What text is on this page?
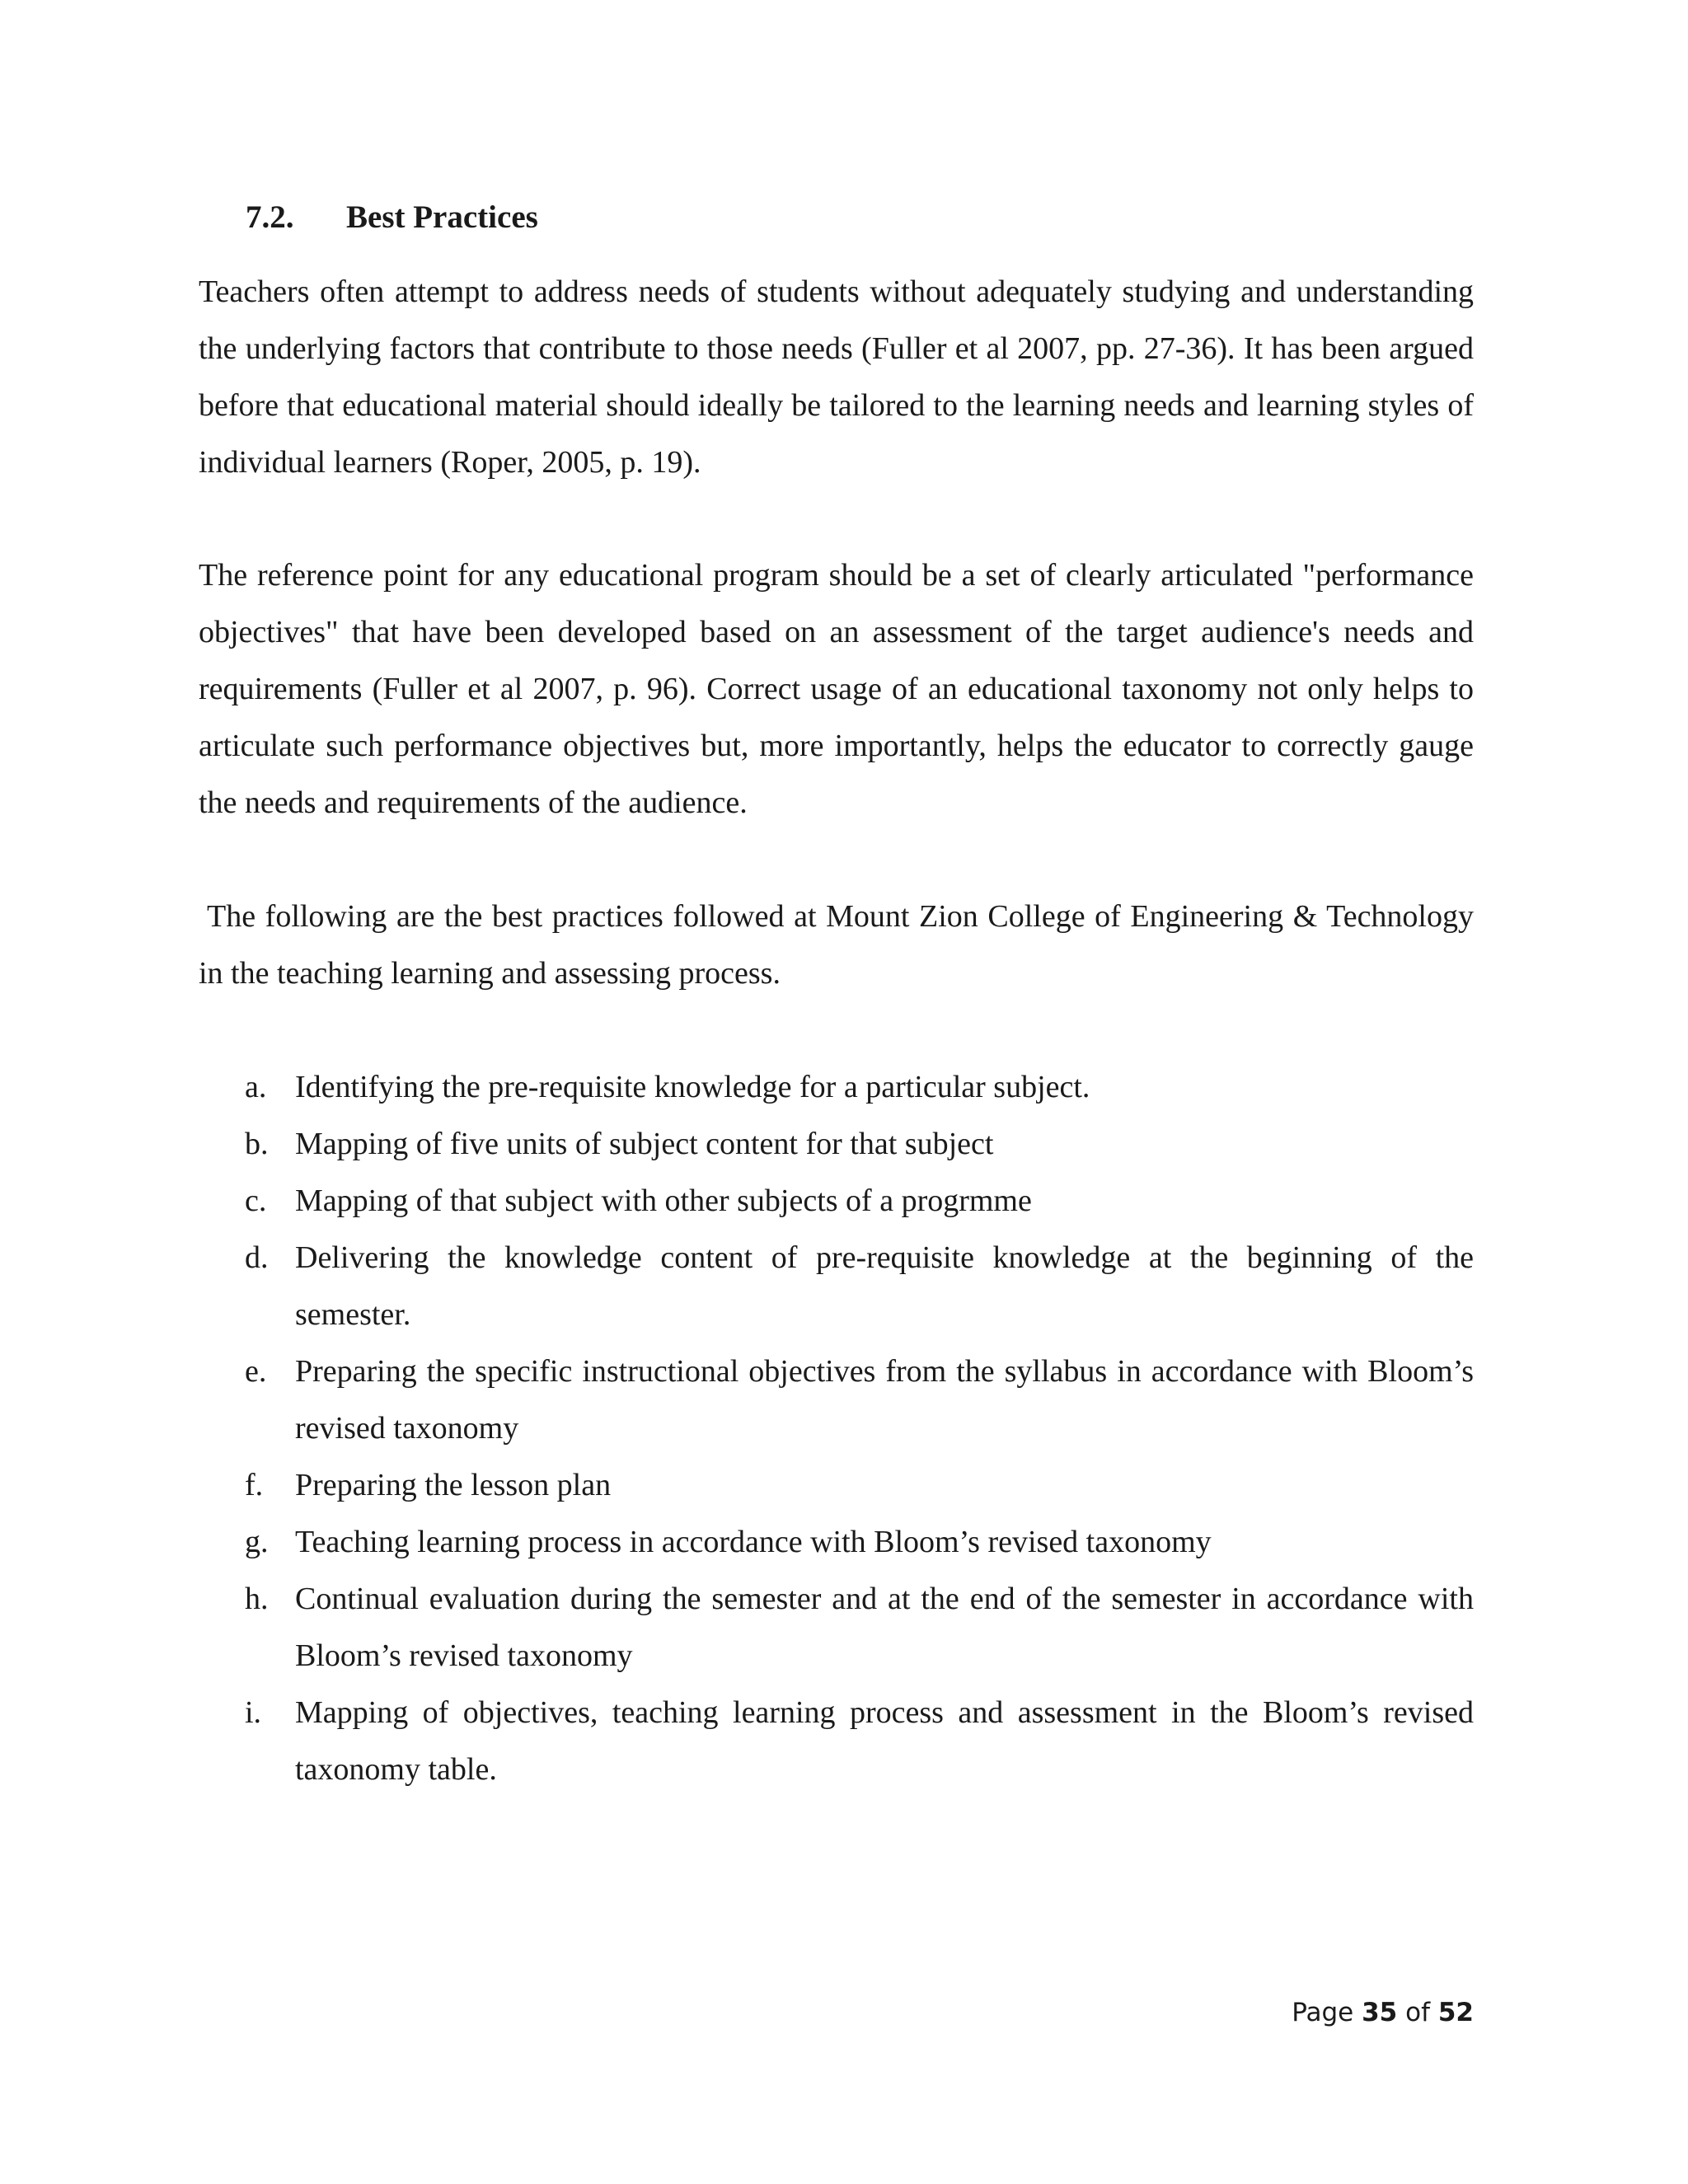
7.2. Best Practices

Teachers often attempt to address needs of students without adequately studying and understanding the underlying factors that contribute to those needs (Fuller et al 2007, pp. 27-36). It has been argued before that educational material should ideally be tailored to the learning needs and learning styles of individual learners (Roper, 2005, p. 19).

The reference point for any educational program should be a set of clearly articulated "performance objectives" that have been developed based on an assessment of the target audience's needs and requirements (Fuller et al 2007, p. 96). Correct usage of an educational taxonomy not only helps to articulate such performance objectives but, more importantly, helps the educator to correctly gauge the needs and requirements of the audience.

The following are the best practices followed at Mount Zion College of Engineering & Technology in the teaching learning and assessing process.

a. Identifying the pre-requisite knowledge for a particular subject.
b. Mapping of five units of subject content for that subject
c. Mapping of that subject with other subjects of a progrmme
d. Delivering the knowledge content of pre-requisite knowledge at the beginning of the semester.
e. Preparing the specific instructional objectives from the syllabus in accordance with Bloom’s revised taxonomy
f.	Preparing the lesson plan
g. Teaching learning process in accordance with Bloom’s revised taxonomy
h. Continual evaluation during the semester and at the end of the semester in accordance with Bloom’s revised taxonomy
i.	Mapping of objectives, teaching learning process and assessment in the Bloom’s revised taxonomy table.
Page 35 of 52
